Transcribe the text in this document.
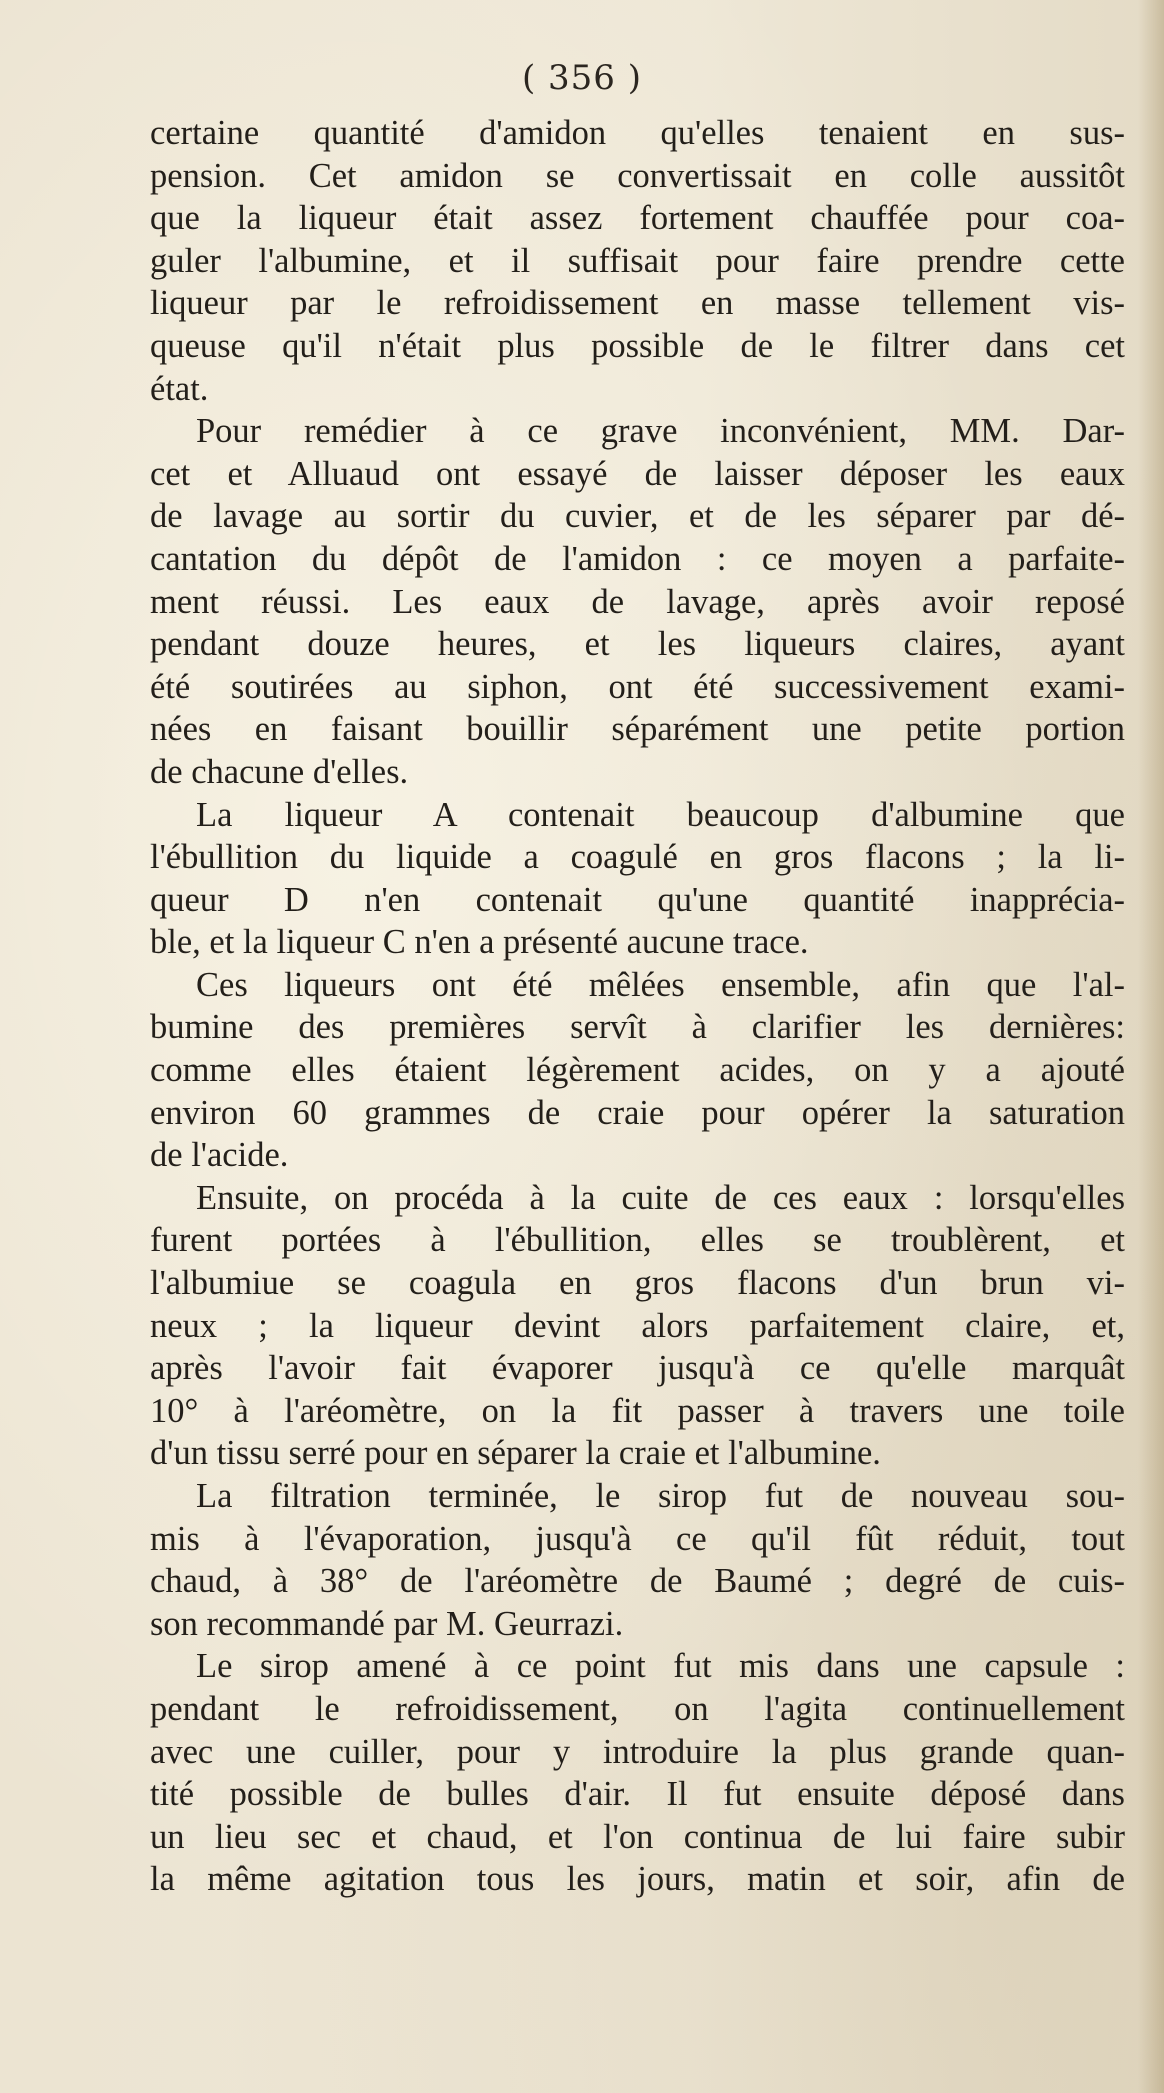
( 356 )
certaine quantité d'amidon qu'elles tenaient en sus-
pension. Cet amidon se convertissait en colle aussitôt
que la liqueur était assez fortement chauffée pour coa-
guler l'albumine, et il suffisait pour faire prendre cette
liqueur par le refroidissement en masse tellement vis-
queuse qu'il n'était plus possible de le filtrer dans cet
état.
Pour remédier à ce grave inconvénient, MM. Dar-
cet et Alluaud ont essayé de laisser déposer les eaux
de lavage au sortir du cuvier, et de les séparer par dé-
cantation du dépôt de l'amidon : ce moyen a parfaite-
ment réussi. Les eaux de lavage, après avoir reposé
pendant douze heures, et les liqueurs claires, ayant
été soutirées au siphon, ont été successivement exami-
nées en faisant bouillir séparément une petite portion
de chacune d'elles.
La liqueur A contenait beaucoup d'albumine que
l'ébullition du liquide a coagulé en gros flacons ; la li-
queur D n'en contenait qu'une quantité inapprécia-
ble, et la liqueur C n'en a présenté aucune trace.
Ces liqueurs ont été mêlées ensemble, afin que l'al-
bumine des premières servît à clarifier les dernières:
comme elles étaient légèrement acides, on y a ajouté
environ 60 grammes de craie pour opérer la saturation
de l'acide.
Ensuite, on procéda à la cuite de ces eaux : lorsqu'elles
furent portées à l'ébullition, elles se troublèrent, et
l'albumiue se coagula en gros flacons d'un brun vi-
neux ; la liqueur devint alors parfaitement claire, et,
après l'avoir fait évaporer jusqu'à ce qu'elle marquât
10° à l'aréomètre, on la fit passer à travers une toile
d'un tissu serré pour en séparer la craie et l'albumine.
La filtration terminée, le sirop fut de nouveau sou-
mis à l'évaporation, jusqu'à ce qu'il fût réduit, tout
chaud, à 38° de l'aréomètre de Baumé ; degré de cuis-
son recommandé par M. Geurrazi.
Le sirop amené à ce point fut mis dans une capsule :
pendant le refroidissement, on l'agita continuellement
avec une cuiller, pour y introduire la plus grande quan-
tité possible de bulles d'air. Il fut ensuite déposé dans
un lieu sec et chaud, et l'on continua de lui faire subir
la même agitation tous les jours, matin et soir, afin de
